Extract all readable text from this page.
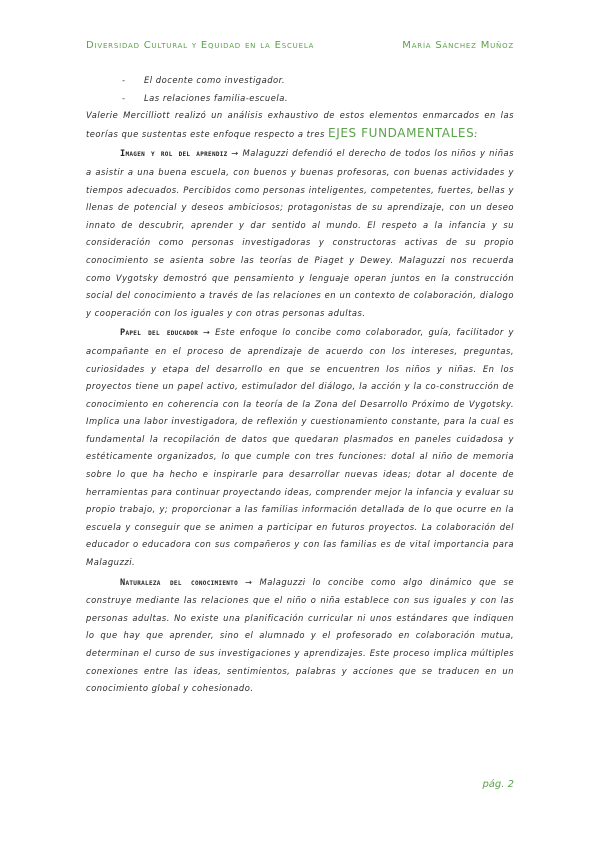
Diversidad Cultural y Equidad en la Escuela	María Sánchez Muñoz
- El docente como investigador.
- Las relaciones familia-escuela.

Valerie Mercilliott realizó un análisis exhaustivo de estos elementos enmarcados en las teorías que sustentas este enfoque respecto a tres EJES FUNDAMENTALES:

Imagen y rol del aprendiz → Malaguzzi defendió el derecho de todos los niños y niñas a asistir a una buena escuela, con buenos y buenas profesoras, con buenas actividades y tiempos adecuados. Percibidos como personas inteligentes, competentes, fuertes, bellas y llenas de potencial y deseos ambiciosos; protagonistas de su aprendizaje, con un deseo innato de descubrir, aprender y dar sentido al mundo. El respeto a la infancia y su consideración como personas investigadoras y constructoras activas de su propio conocimiento se asienta sobre las teorías de Piaget y Dewey. Malaguzzi nos recuerda como Vygotsky demostró que pensamiento y lenguaje operan juntos en la construcción social del conocimiento a través de las relaciones en un contexto de colaboración, dialogo y cooperación con los iguales y con otras personas adultas.

Papel del educador → Este enfoque lo concibe como colaborador, guía, facilitador y acompañante en el proceso de aprendizaje de acuerdo con los intereses, preguntas, curiosidades y etapa del desarrollo en que se encuentren los niños y niñas. En los proyectos tiene un papel activo, estimulador del diálogo, la acción y la co-construcción de conocimiento en coherencia con la teoría de la Zona del Desarrollo Próximo de Vygotsky. Implica una labor investigadora, de reflexión y cuestionamiento constante, para la cual es fundamental la recopilación de datos que quedaran plasmados en paneles cuidadosa y estéticamente organizados, lo que cumple con tres funciones: dotal al niño de memoria sobre lo que ha hecho e inspirarle para desarrollar nuevas ideas; dotar al docente de herramientas para continuar proyectando ideas, comprender mejor la infancia y evaluar su propio trabajo, y; proporcionar a las familias información detallada de lo que ocurre en la escuela y conseguir que se animen a participar en futuros proyectos. La colaboración del educador o educadora con sus compañeros y con las familias es de vital importancia para Malaguzzi.

Naturaleza del conocimiento → Malaguzzi lo concibe como algo dinámico que se construye mediante las relaciones que el niño o niña establece con sus iguales y con las personas adultas. No existe una planificación curricular ni unos estándares que indiquen lo que hay que aprender, sino el alumnado y el profesorado en colaboración mutua, determinan el curso de sus investigaciones y aprendizajes. Este proceso implica múltiples conexiones entre las ideas, sentimientos, palabras y acciones que se traducen en un conocimiento global y cohesionado.

pág. 2
